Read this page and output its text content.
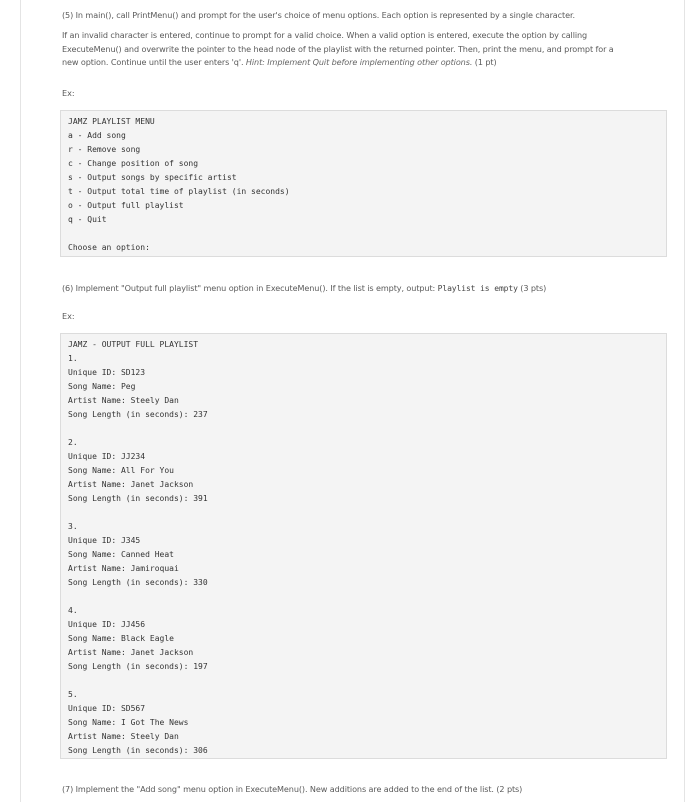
(5) In main(), call PrintMenu() and prompt for the user's choice of menu options. Each option is represented by a single character.

If an invalid character is entered, continue to prompt for a valid choice. When a valid option is entered, execute the option by calling
ExecuteMenu() and overwrite the pointer to the head node of the playlist with the returned pointer. Then, print the menu, and prompt for a
new option. Continue until the user enters 'q'. Hint: Implement Quit before implementing other options. (1 pt)

Ex:
JAMZ PLAYLIST MENU
a - Add song
r - Remove song
c - Change position of song
s - Output songs by specific artist
t - Output total time of playlist (in seconds)
o - Output full playlist
q - Quit
Choose an option:

(6) Implement "Output full playlist" menu option in ExecuteMenu(). If the list is empty, output: Playlist is empty (3 pts)

Ex:
JAMZ - OUTPUT FULL PLAYLIST
1.
Unique ID: SD123
Song Name: Peg
Artist Name: Steely Dan
Song Length (in seconds): 237
2.
Unique ID: JJ234
Song Name: All For You
Artist Name: Janet Jackson
Song Length (in seconds): 391
3.
Unique ID: J345
Song Name: Canned Heat
Artist Name: Jamiroquai
Song Length (in seconds): 330
4.
Unique ID: JJ456
Song Name: Black Eagle
Artist Name: Janet Jackson
Song Length (in seconds): 197
5.
Unique ID: SD567
Song Name: I Got The News
Artist Name: Steely Dan
Song Length (in seconds): 306

(7) Implement the "Add song" menu option in ExecuteMenu(). New additions are added to the end of the list. (2 pts)
